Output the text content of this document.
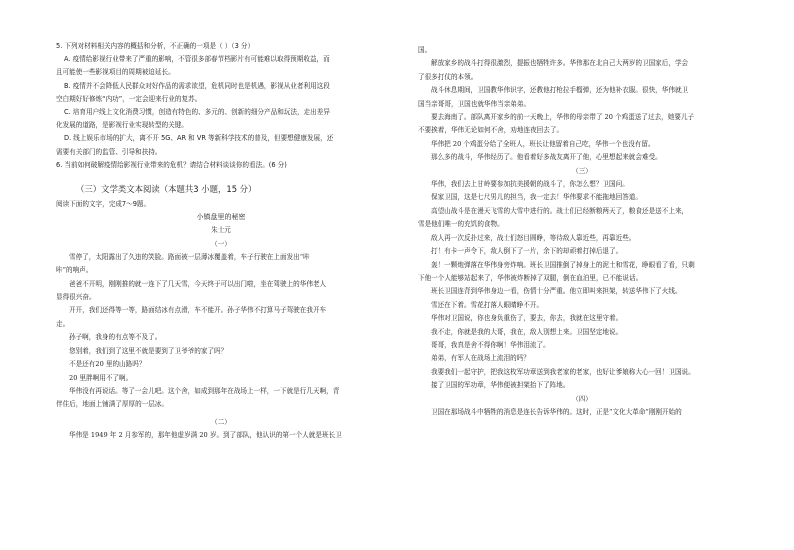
5. 下列对材料相关内容的概括和分析，不正确的一项是（ ）（3 分）

A. 疫情给影视行业带来了严重的影响，不管很多部春节档影片有可能难以取得预期收益，而

且可能使一些影视项目的周期被迫延长。

B. 疫情并不会降低人民群众对好作品的需求欲望，危机同时也是机遇，影视从业者利用这段

空白期好好修炼“内功”，一定会迎来行业的复苏。

C. 培育用户线上文化消费习惯，创造有特色的、多元的、创新的细分产品和玩法，走出差异

化发展的道路，是影视行业实现转型的关键。

D. 线上娱乐市场的扩大，离不开 5G、AR 和 VR 等新科学技术的普及，但要想健康发展，还

需要有关部门的监管、引导和扶持。

6. 当前如何破解疫情给影视行业带来的危机？请结合材料谈谈你的看法。(6 分)

（三）文学类文本阅读（本题共3 小题，15 分）

阅读下面的文字，完成7～9题。

小镇盘里的秘密

朱士元

（一）

雪停了，太阳露出了久违的笑脸。路面被一层薄冰覆盖着，车子行驶在上面发出“咔

咔”的响声。

爸爸不开明，刚刚推的就一连下了几天雪，今天终于可以出门啦，坐在驾驶上的华伟老人

显得很兴奋。

开开，我们还得等一等，路面结冰有点滑，车不能开。孙子华伟不打算马子驾驶在我开车

走。

孙子啊，我身的有点等不及了。

您别着，我们到了这里不就是要到了卫爷爷的家了吗？

不是还有20 里的山路吗？

20 里胖啊用不了啊。

华伟没有再说话。等了一会儿吧。这个舍，如成到那年在战场上一样，一下就是行几天啊，青

伴住后，地面上铺满了厚厚的一层冰。

（二）

华伟是 1949 年 2 月参军的，那年他虚岁满 20 岁。到了部队，他认识的第一个人就是班长卫

国。

解放家乡的战斗打得很激烈，提振也牺牲许多。华伟那在北自己大两岁的卫国家后，学会

了很多打仗的本领。

战斗休息期间，卫国教华伟识字，还教他打枪拉手榴弹，还为他补衣服。很快，华伟就卫

国当亲哥哥，卫国也就华伟当亲弟弟。

要去海南了。部队离开家乡的前一天晚上，华伟的母亲带了 20 个鸡蛋送了过去，她要儿子

不要挨着，华伟无论如何不舍，劝地连夜回去了。

华伟把 20 个鸡蛋分给了全班人，班长让他留着自己吃，华伟一个也没有留。

那么多的战斗，华伟经历了。他看着好多战友离开了他，心里想起来就会难受。

（三）

华伟，我们去上甘岭要参加抗美援朝的战斗了，你怎么想？卫国问。

保家卫国，这是七尺男儿的担当，我一定去！华伟要求不能拖地回答道。

高望山战斗是在漫天飞雪的大雪中进行的。战士们已经断粮两天了，粮食还是送不上来，

雪是他们唯一的充饥的食物。

敌人再一次反扑过来，战士们怒目圆睁，等待敌人靠近些，再靠近些。

打！有卡一声令下，敌人倒下了一片，余下的却顽着打掉后退了。

轰！一颗炮弹落在华伟身旁炸响。班长卫国推倒了掉身上的泥土和雪花，睁眼看了看，只剩

下他一个人能够站起来了，华伟被炸断掉了双腿，倒在血泊里，已不能说话。

班长卫国连背到华伟身边一看，伤情十分严重。他立即叫来担架，转送华伟下了火线。

雪还在下着。雪花打落人眼睛睁不开。

华伟对卫国说，你也身负重伤了，要去，你去，我就在这里守着。

我不走，你就是我的大哥，我在，敌人别想上来。卫国坚定地说。

哥哥，我真是舍不得你啊！华伟泪流了。

弟弟，有军人在战场上流泪的吗？

我要我们一起守护，把我这枚军功章送到我老家的老家，也好让爹娘称大心一回！卫国说。

接了卫国的军功章，华伟便被担架抬下了阵地。

（四）

卫国在那场战斗中牺牲的消息是连长告诉华伟的。这时，正是“文化大革命”刚刚开始的
